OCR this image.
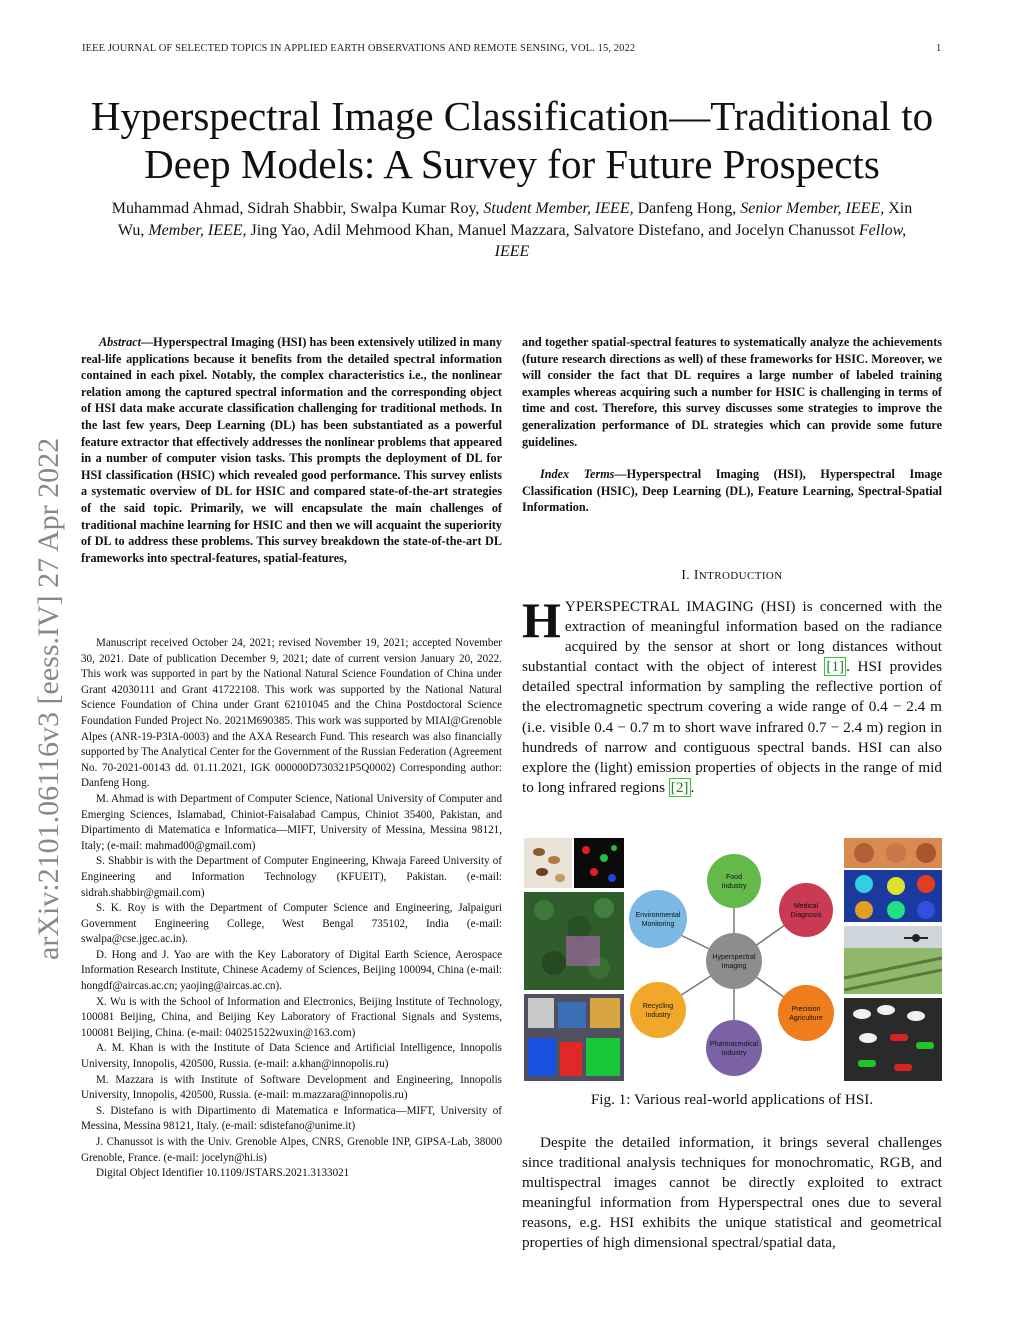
IEEE JOURNAL OF SELECTED TOPICS IN APPLIED EARTH OBSERVATIONS AND REMOTE SENSING, VOL. 15, 2022	1
Hyperspectral Image Classification—Traditional to
Deep Models: A Survey for Future Prospects
Muhammad Ahmad, Sidrah Shabbir, Swalpa Kumar Roy, Student Member, IEEE, Danfeng Hong, Senior Member, IEEE, Xin Wu, Member, IEEE, Jing Yao, Adil Mehmood Khan, Manuel Mazzara, Salvatore Distefano, and Jocelyn Chanussot Fellow, IEEE
arXiv:2101.06116v3 [eess.IV] 27 Apr 2022

Abstract—Hyperspectral Imaging (HSI) has been extensively utilized in many real-life applications because it benefits from the detailed spectral information contained in each pixel. Notably, the complex characteristics i.e., the nonlinear relation among the captured spectral information and the corresponding object of HSI data make accurate classification challenging for traditional methods. In the last few years, Deep Learning (DL) has been substantiated as a powerful feature extractor that effectively addresses the nonlinear problems that appeared in a number of computer vision tasks. This prompts the deployment of DL for HSI classification (HSIC) which revealed good performance. This survey enlists a systematic overview of DL for HSIC and compared state-of-the-art strategies of the said topic. Primarily, we will encapsulate the main challenges of traditional machine learning for HSIC and then we will acquaint the superiority of DL to address these problems. This survey breakdown the state-of-the-art DL frameworks into spectral-features, spatial-features,

Manuscript received October 24, 2021; revised November 19, 2021; accepted November 30, 2021. Date of publication December 9, 2021; date of current version January 20, 2022. This work was supported in part by the National Natural Science Foundation of China under Grant 42030111 and Grant 41722108. This work was supported by the National Natural Science Foundation of China under Grant 62101045 and the China Postdoctoral Science Foundation Funded Project No. 2021M690385. This work was supported by MIAI@Grenoble Alpes (ANR-19-P3IA-0003) and the AXA Research Fund. This research was also financially supported by The Analytical Center for the Government of the Russian Federation (Agreement No. 70-2021-00143 dd. 01.11.2021, IGK 000000D730321P5Q0002) Corresponding author: Danfeng Hong.

M. Ahmad is with Department of Computer Science, National University of Computer and Emerging Sciences, Islamabad, Chiniot-Faisalabad Campus, Chiniot 35400, Pakistan, and Dipartimento di Matematica e Informatica—MIFT, University of Messina, Messina 98121, Italy; (e-mail: mahmad00@gmail.com)

S. Shabbir is with the Department of Computer Engineering, Khwaja Fareed University of Engineering and Information Technology (KFUEIT), Pakistan. (e-mail: sidrah.shabbir@gmail.com)

S. K. Roy is with the Department of Computer Science and Engineering, Jalpaiguri Government Engineering College, West Bengal 735102, India (e-mail: swalpa@cse.jgec.ac.in).

D. Hong and J. Yao are with the Key Laboratory of Digital Earth Science, Aerospace Information Research Institute, Chinese Academy of Sciences, Beijing 100094, China (e-mail: hongdf@aircas.ac.cn; yaojing@aircas.ac.cn).

X. Wu is with the School of Information and Electronics, Beijing Institute of Technology, 100081 Beijing, China, and Beijing Key Laboratory of Fractional Signals and Systems, 100081 Beijing, China. (e-mail: 040251522wuxin@163.com)

A. M. Khan is with the Institute of Data Science and Artificial Intelligence, Innopolis University, Innopolis, 420500, Russia. (e-mail: a.khan@innopolis.ru)

M. Mazzara is with Institute of Software Development and Engineering, Innopolis University, Innopolis, 420500, Russia. (e-mail: m.mazzara@innopolis.ru)

S. Distefano is with Dipartimento di Matematica e Informatica—MIFT, University of Messina, Messina 98121, Italy. (e-mail: sdistefano@unime.it)

J. Chanussot is with the Univ. Grenoble Alpes, CNRS, Grenoble INP, GIPSA-Lab, 38000 Grenoble, France. (e-mail: jocelyn@hi.is)

Digital Object Identifier 10.1109/JSTARS.2021.3133021

and together spatial-spectral features to systematically analyze the achievements (future research directions as well) of these frameworks for HSIC. Moreover, we will consider the fact that DL requires a large number of labeled training examples whereas acquiring such a number for HSIC is challenging in terms of time and cost. Therefore, this survey discusses some strategies to improve the generalization performance of DL strategies which can provide some future guidelines.

Index Terms—Hyperspectral Imaging (HSI), Hyperspectral Image Classification (HSIC), Deep Learning (DL), Feature Learning, Spectral-Spatial Information.

I. INTRODUCTION

HYPERSPECTRAL IMAGING (HSI) is concerned with the extraction of meaningful information based on the radiance acquired by the sensor at short or long distances without substantial contact with the object of interest [1] . HSI provides detailed spectral information by sampling the reflective portion of the electromagnetic spectrum covering a wide range of 0.4 − 2.4 m (i.e. visible 0.4 − 0.7 m to short wave infrared 0.7 − 2.4 m) region in hundreds of narrow and contiguous spectral bands. HSI can also explore the (light) emission properties of objects in the range of mid to long infrared regions [2] .

Food
Industry
Environmental
Monitoring
Medical
Diagnosis
Hyperspectral
Imaging
Recycling
Industry
Precision
Agriculture
Pharmaceutical
Industry
Fig. 1: Various real-world applications of HSI.

Despite the detailed information, it brings several challenges since traditional analysis techniques for monochromatic, RGB, and multispectral images cannot be directly exploited to extract meaningful information from Hyperspectral ones due to several reasons, e.g. HSI exhibits the unique statistical and geometrical properties of high dimensional spectral/spatial data,
